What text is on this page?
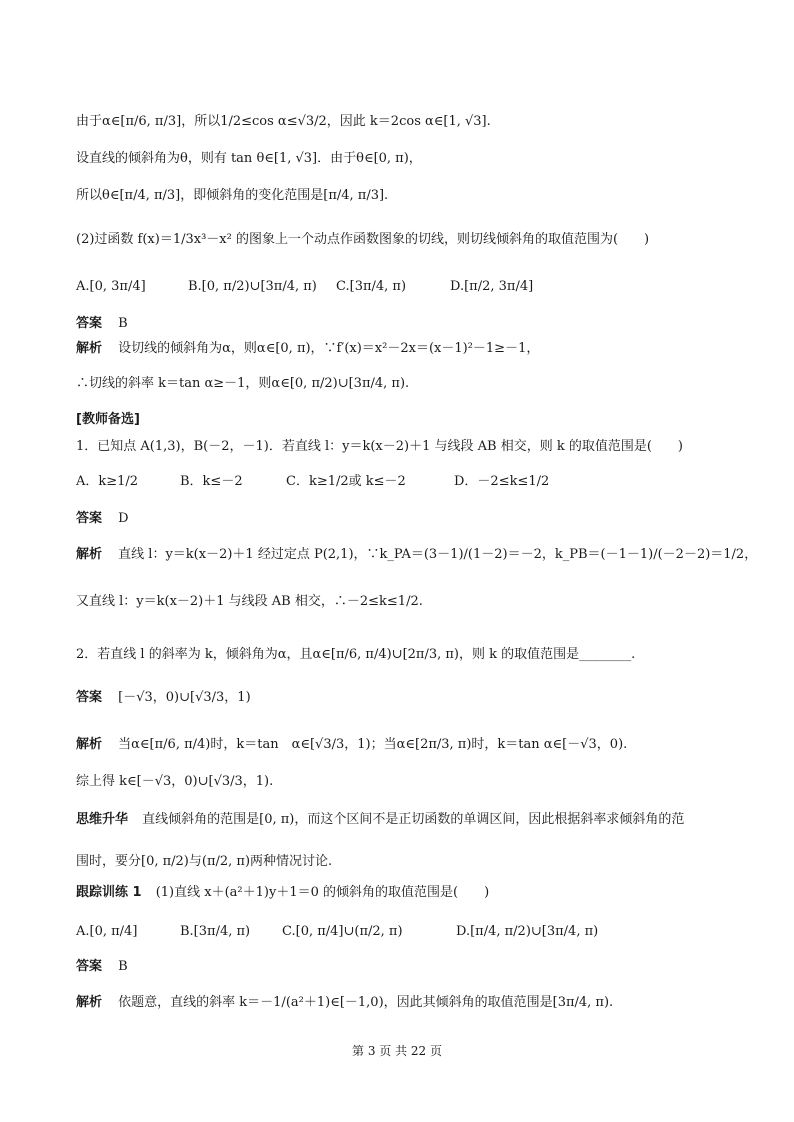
由于α∈[π/6, π/3]，所以1/2≤cos α≤√3/2，因此 k＝2cos α∈[1, √3].
设直线的倾斜角为θ，则有 tan θ∈[1, √3]．由于θ∈[0, π)，
所以θ∈[π/4, π/3]，即倾斜角的变化范围是[π/4, π/3].
(2)过函数 f(x)＝1/3x³－x² 的图象上一个动点作函数图象的切线，则切线倾斜角的取值范围为(　　)
A.[0, 3π/4]	B.[0, π/2)∪[3π/4, π) C.[3π/4, π)	D.[π/2, 3π/4]
答案 B
解析 设切线的倾斜角为α，则α∈[0, π)，∵f′(x)＝x²－2x＝(x－1)²－1≥－1，
∴切线的斜率 k＝tan α≥－1，则α∈[0, π/2)∪[3π/4, π).
[教师备选]
1．已知点 A(1,3)，B(－2，－1)．若直线 l：y＝k(x－2)＋1 与线段 AB 相交，则 k 的取值范围是(　　)
A．k≥1/2	B．k≤－2	C．k≥1/2或 k≤－2	D．－2≤k≤1/2
答案 D
解析 直线 l：y＝k(x－2)＋1 经过定点 P(2,1)，∵k_PA＝(3－1)/(1－2)＝－2，k_PB＝(－1－1)/(－2－2)＝1/2，
又直线 l：y＝k(x－2)＋1 与线段 AB 相交，∴－2≤k≤1/2.
2．若直线 l 的斜率为 k，倾斜角为α，且α∈[π/6, π/4)∪[2π/3, π)，则 k 的取值范围是________.
答案 [－√3，0)∪[√3/3，1)
解析 当α∈[π/6, π/4)时，k＝tan　α∈[√3/3，1)；当α∈[2π/3, π)时，k＝tan α∈[－√3，0).
综上得 k∈[－√3，0)∪[√3/3，1).
思维升华 直线倾斜角的范围是[0, π)，而这个区间不是正切函数的单调区间，因此根据斜率求倾斜角的范
围时，要分[0, π/2)与(π/2, π)两种情况讨论.
跟踪训练 1 (1)直线 x＋(a²＋1)y＋1＝0 的倾斜角的取值范围是(　　)
A.[0, π/4]	B.[3π/4, π) C.[0, π/4]∪(π/2, π)	D.[π/4, π/2)∪[3π/4, π)
答案 B
解析 依题意，直线的斜率 k＝－1/(a²＋1)∈[－1,0)，因此其倾斜角的取值范围是[3π/4, π).
第 3 页 共 22 页
